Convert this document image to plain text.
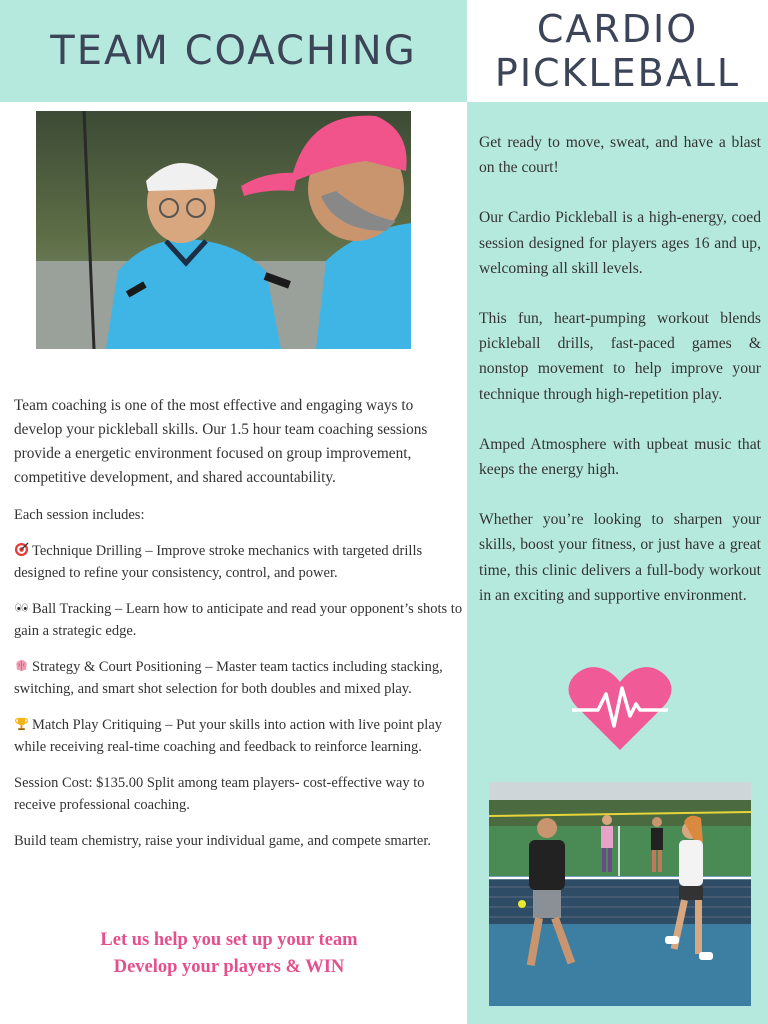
TEAM COACHING	CARDIO
PICKLEBALL

Team coaching is one of the most effective and engaging ways to develop your pickleball skills. Our 1.5 hour team coaching sessions provide a energetic environment focused on group improvement, competitive development, and shared accountability.

Each session includes:

Technique Drilling – Improve stroke mechanics with targeted drills designed to refine your consistency, control, and power.

Ball Tracking – Learn how to anticipate and read your opponent’s shots to gain a strategic edge.

Strategy & Court Positioning – Master team tactics including stacking, switching, and smart shot selection for both doubles and mixed play.

Match Play Critiquing – Put your skills into action with live point play while receiving real-time coaching and feedback to reinforce learning.

Session Cost: $135.00 Split among team players- cost-effective way to receive professional coaching.

Build team chemistry, raise your individual game, and compete smarter.

Let us help you set up your team
Develop your players & WIN

Get ready to move, sweat, and have a blast on the court!

Our Cardio Pickleball is a high-energy, coed session designed for players ages 16 and up, welcoming all skill levels.

This fun, heart-pumping workout blends pickleball drills, fast-paced games & nonstop movement to help improve your technique through high-repetition play.

Amped Atmosphere with upbeat music that keeps the energy high.

Whether you’re looking to sharpen your skills, boost your fitness, or just have a great time, this clinic delivers a full-body workout in an exciting and supportive environment.
